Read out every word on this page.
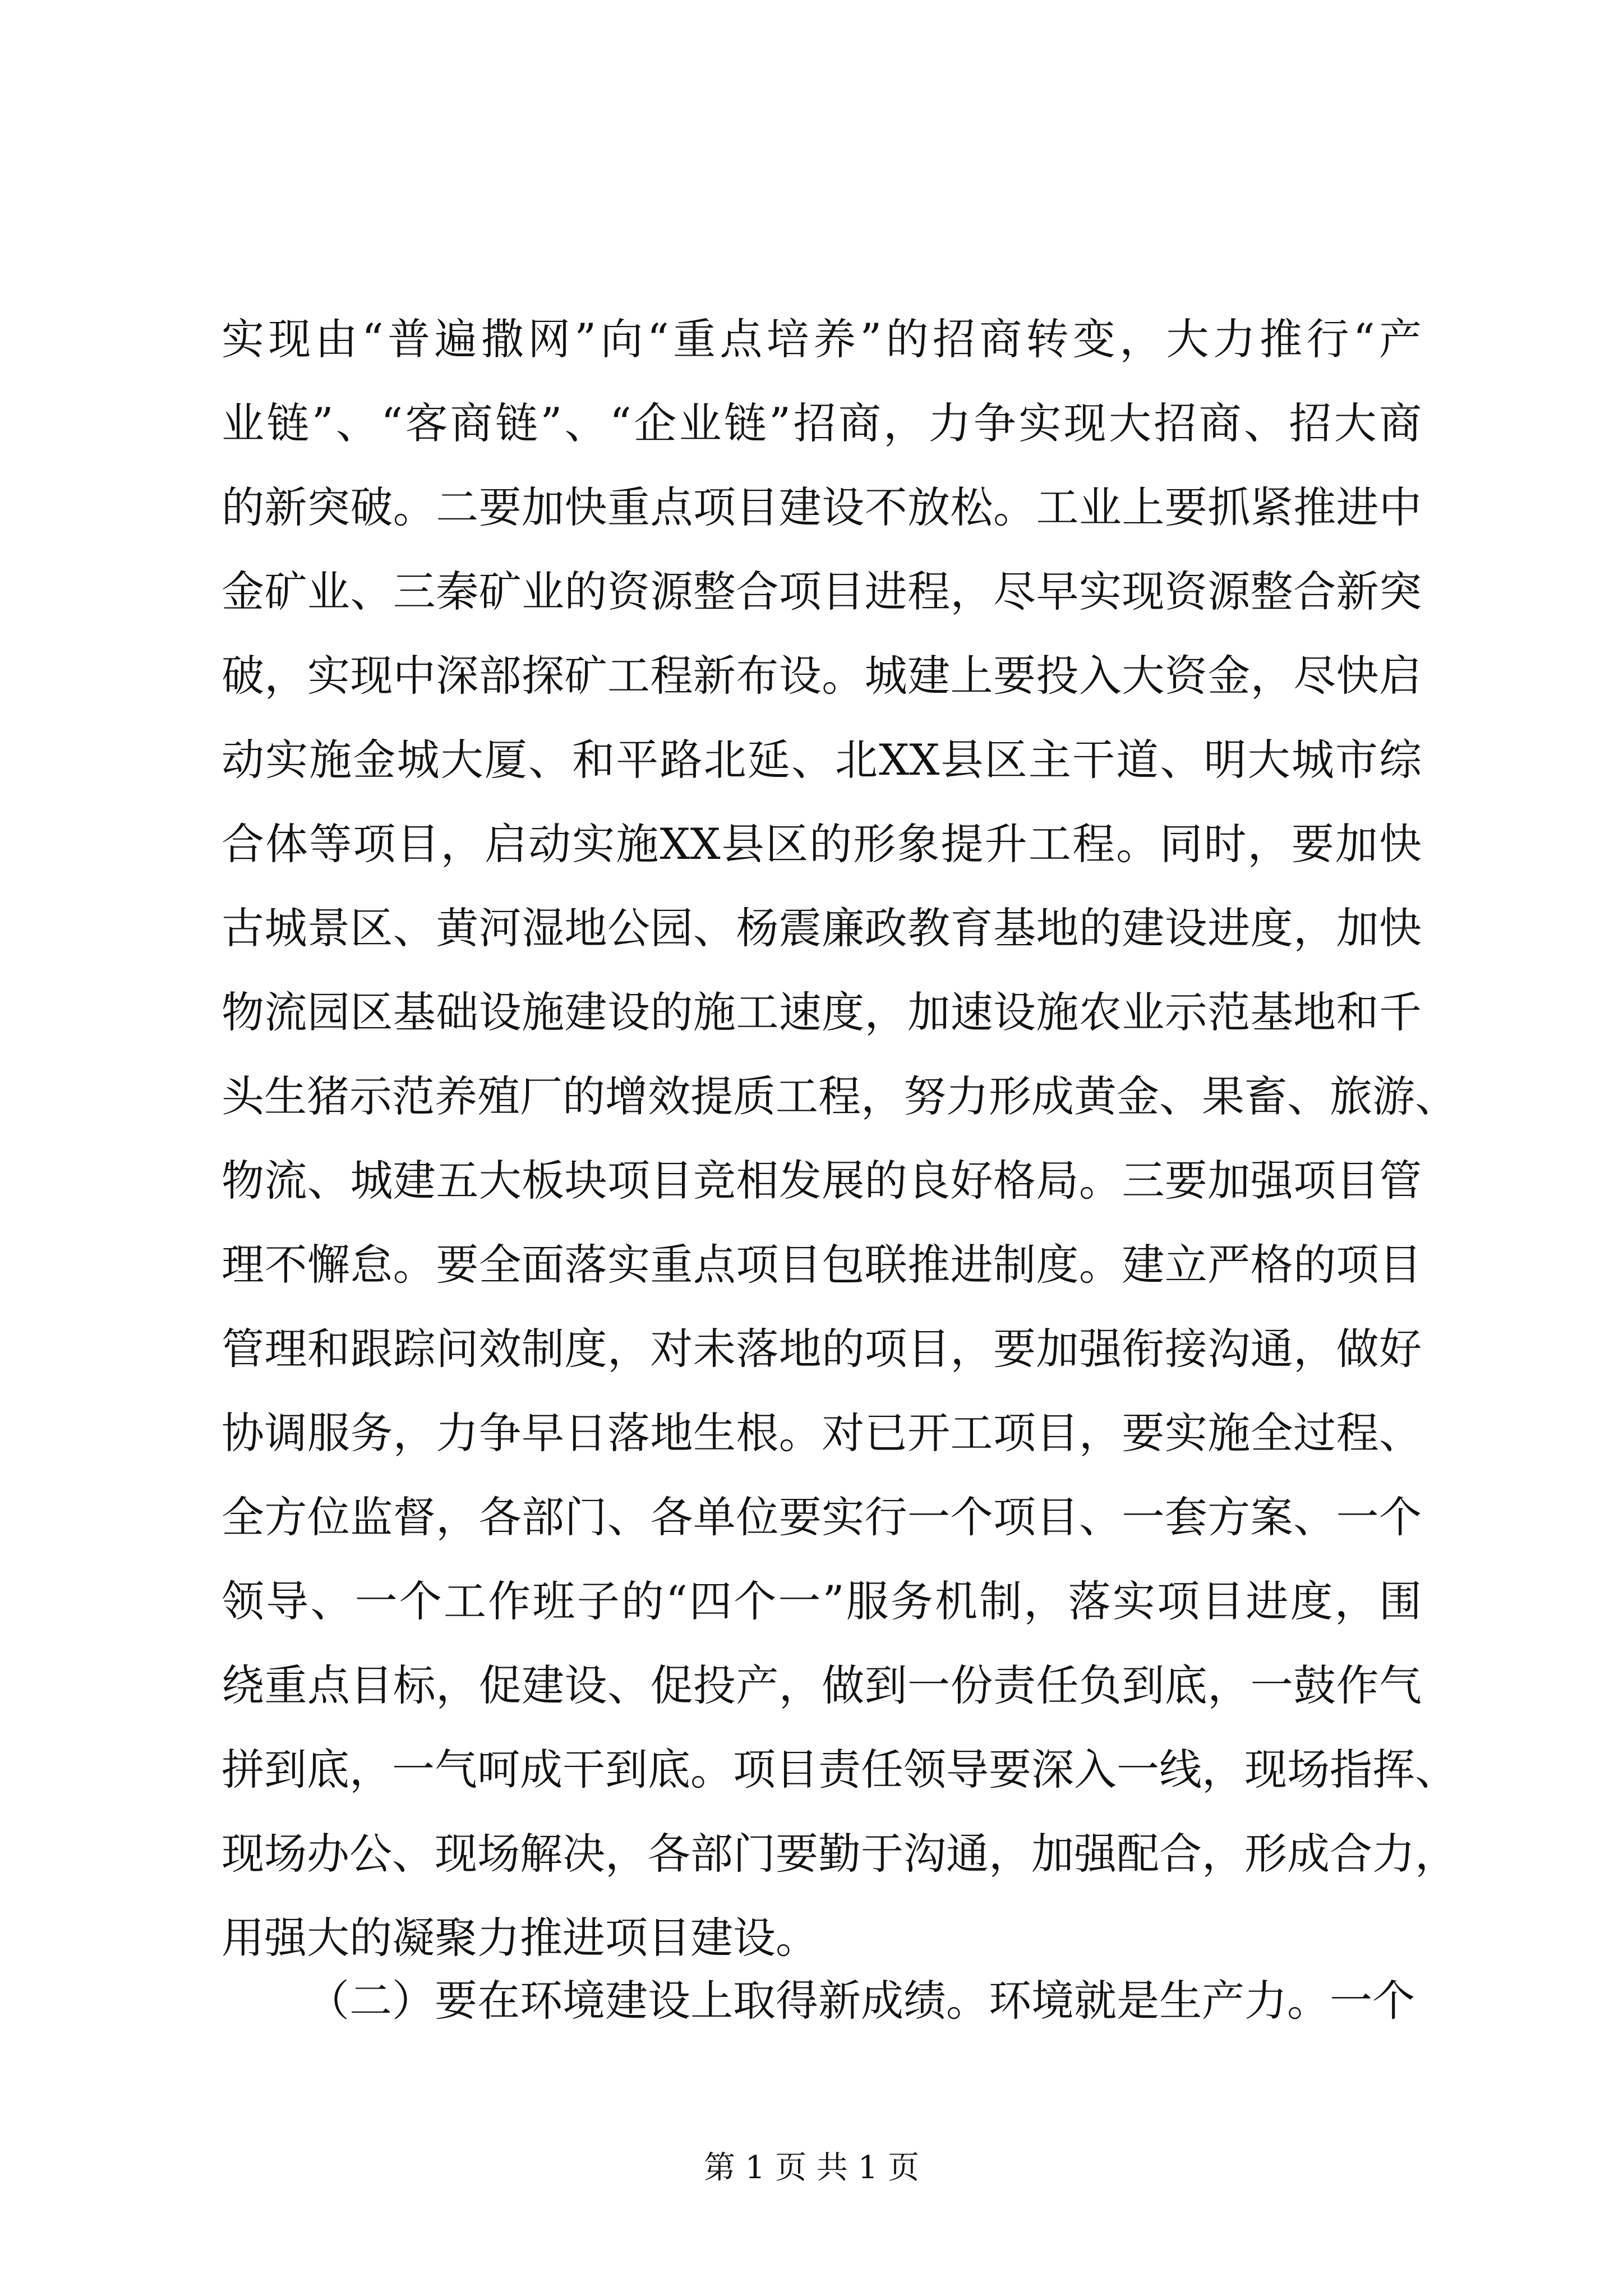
实现由“普遍撒网”向“重点培养”的招商转变，大力推行“产
业链”、“客商链”、“企业链”招商，力争实现大招商、招大商
的新突破。二要加快重点项目建设不放松。工业上要抓紧推进中
金矿业、三秦矿业的资源整合项目进程，尽早实现资源整合新突
破，实现中深部探矿工程新布设。城建上要投入大资金，尽快启
动实施金城大厦、和平路北延、北XX县区主干道、明大城市综
合体等项目，启动实施XX县区的形象提升工程。同时，要加快
古城景区、黄河湿地公园、杨震廉政教育基地的建设进度，加快
物流园区基础设施建设的施工速度，加速设施农业示范基地和千
头生猪示范养殖厂的增效提质工程，努力形成黄金、果畜、旅游、
物流、城建五大板块项目竞相发展的良好格局。三要加强项目管
理不懈怠。要全面落实重点项目包联推进制度。建立严格的项目
管理和跟踪问效制度，对未落地的项目，要加强衔接沟通，做好
协调服务，力争早日落地生根。对已开工项目，要实施全过程、
全方位监督，各部门、各单位要实行一个项目、一套方案、一个
领导、一个工作班子的“四个一”服务机制，落实项目进度，围
绕重点目标，促建设、促投产，做到一份责任负到底，一鼓作气
拼到底，一气呵成干到底。项目责任领导要深入一线，现场指挥、
现场办公、现场解决，各部门要勤于沟通，加强配合，形成合力，
用强大的凝聚力推进项目建设。
（二）要在环境建设上取得新成绩。环境就是生产力。一个
第 1 页 共 1 页
